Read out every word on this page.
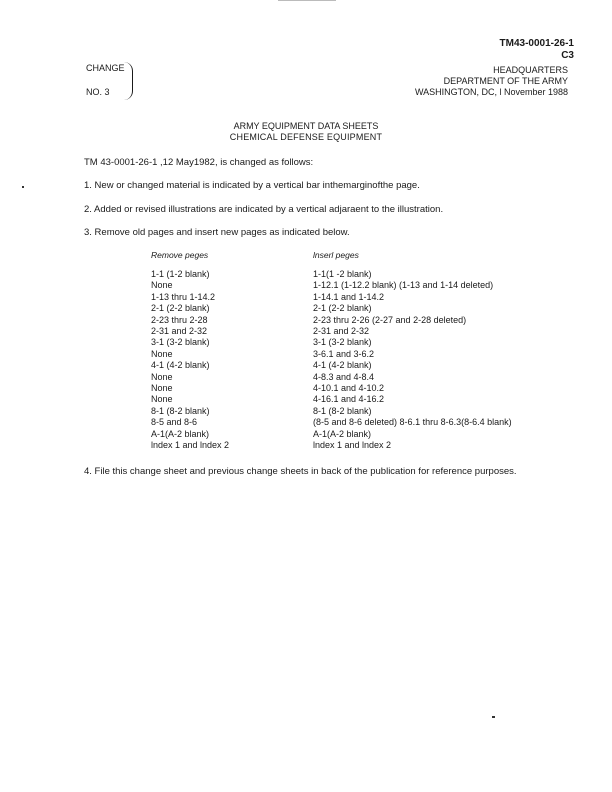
TM43-0001-26-1
C3
CHANGE
NO. 3
HEADQUARTERS
DEPARTMENT OF THE ARMY
WASHINGTON, DC, l November 1988
ARMY EQUIPMENT DATA SHEETS
CHEMICAL DEFENSE EQUIPMENT
TM 43-0001-26-1 ,12 May1982, is changed as follows:
1. New or changed material is indicated by a vertical bar inthemarginofthe page.
2. Added or revised illustrations are indicated by a vertical adjaraent to the illustration.
3. Remove old pages and insert new pages as indicated below.
Remove peges	lnserl peges
1-1 (1-2 blank)
None
1-13 thru 1-14.2
2-1 (2-2 blank)
2-23 thru 2-28
2-31 and 2-32
3-1 (3-2 blank)
None
4-1 (4-2 blank)
None
None
None
8-1 (8-2 blank)
8-5 and 8-6
A-1(A-2 blank)
lndex 1 and lndex 2
1-1(1 -2 blank)
1-12.1 (1-12.2 blank) (1-13 and 1-14 deleted)
1-14.1 and 1-14.2
2-1 (2-2 blank)
2-23 thru 2-26 (2-27 and 2-28 deleted)
2-31 and 2-32
3-1 (3-2 blank)
3-6.1 and 3-6.2
4-1 (4-2 blank)
4-8.3 and 4-8.4
4-10.1 and 4-10.2
4-16.1 and 4-16.2
8-1 (8-2 blank)
(8-5 and 8-6 deleted) 8-6.1 thru 8-6.3(8-6.4 blank)
A-1(A-2 blank)
lndex 1 and lndex 2
4. File this change sheet and previous change sheets in back of the publication for reference purposes.
